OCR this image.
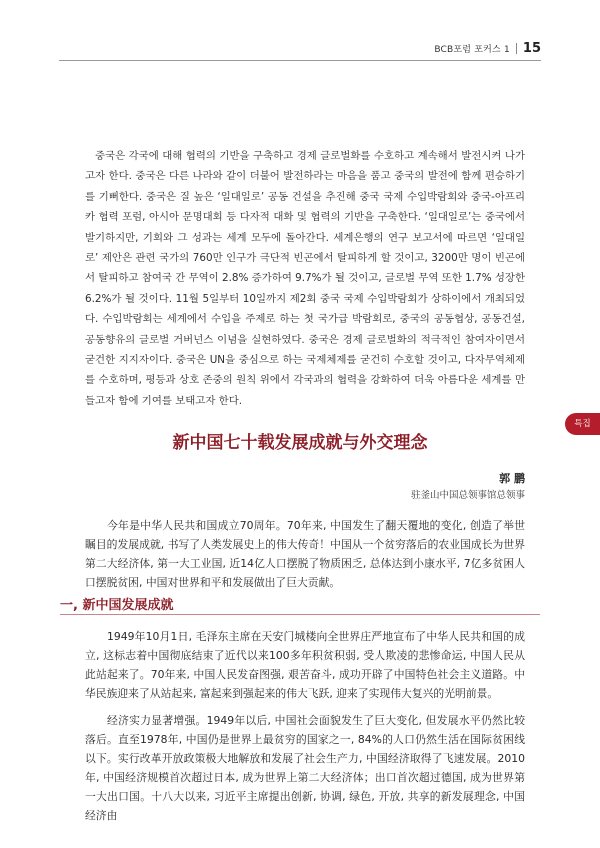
BCB포럼 포커스 1 15

중국은 각국에 대해 협력의 기반을 구축하고 경제 글로벌화를 수호하고 계속해서 발전시켜 나가고자 한다. 중국은 다른 나라와 같이 더불어 발전하라는 마음을 품고 중국의 발전에 함께 편승하기를 기뻐한다. 중국은 질 높은 ‘일대일로’ 공동 건설을 추진해 중국 국제 수입박람회와 중국-아프리카 협력 포럼, 아시아 문명대회 등 다자적 대화 및 협력의 기반을 구축한다. ‘일대일로’는 중국에서 발기하지만, 기회와 그 성과는 세계 모두에 돌아간다. 세계은행의 연구 보고서에 따르면 ‘일대일로’ 제안은 관련 국가의 760만 인구가 극단적 빈곤에서 탈피하게 할 것이고, 3200만 명이 빈곤에서 탈피하고 참여국 간 무역이 2.8% 증가하여 9.7%가 될 것이고, 글로벌 무역 또한 1.7% 성장한 6.2%가 될 것이다. 11월 5일부터 10일까지 제2회 중국 국제 수입박람회가 상하이에서 개최되었다. 수입박람회는 세계에서 수입을 주제로 하는 첫 국가급 박람회로, 중국의 공동협상, 공동건설, 공동향유의 글로벌 거버넌스 이념을 실현하였다. 중국은 경제 글로벌화의 적극적인 참여자이면서 굳건한 지지자이다. 중국은 UN을 중심으로 하는 국제체제를 굳건히 수호할 것이고, 다자무역체제를 수호하며, 평등과 상호 존중의 원칙 위에서 각국과의 협력을 강화하여 더욱 아름다운 세계를 만들고자 함에 기여를 보태고자 한다.

특집
新中国七十载发展成就与外交理念
郭 鹏
驻釜山中国总领事馆总领事

今年是中华人民共和国成立70周年。70年来, 中国发生了翻天覆地的变化, 创造了举世瞩目的发展成就, 书写了人类发展史上的伟大传奇！中国从一个贫穷落后的农业国成长为世界第二大经济体, 第一大工业国, 近14亿人口摆脱了物质困乏, 总体达到小康水平, 7亿多贫困人口摆脱贫困, 中国对世界和平和发展做出了巨大贡献。

一, 新中国发展成就

1949年10月1日, 毛泽东主席在天安门城楼向全世界庄严地宣布了中华人民共和国的成立, 这标志着中国彻底结束了近代以来100多年积贫积弱, 受人欺凌的悲惨命运, 中国人民从此站起来了。70年来, 中国人民发奋图强, 艰苦奋斗, 成功开辟了中国特色社会主义道路。中华民族迎来了从站起来, 富起来到强起来的伟大飞跃, 迎来了实现伟大复兴的光明前景。

经济实力显著增强。1949年以后, 中国社会面貌发生了巨大变化, 但发展水平仍然比较落后。直至1978年, 中国仍是世界上最贫穷的国家之一, 84%的人口仍然生活在国际贫困线以下。实行改革开放政策极大地解放和发展了社会生产力, 中国经济取得了飞速发展。2010年, 中国经济规模首次超过日本, 成为世界上第二大经济体；出口首次超过德国, 成为世界第一大出口国。十八大以来, 习近平主席提出创新, 协调, 绿色, 开放, 共享的新发展理念, 中国经济由
